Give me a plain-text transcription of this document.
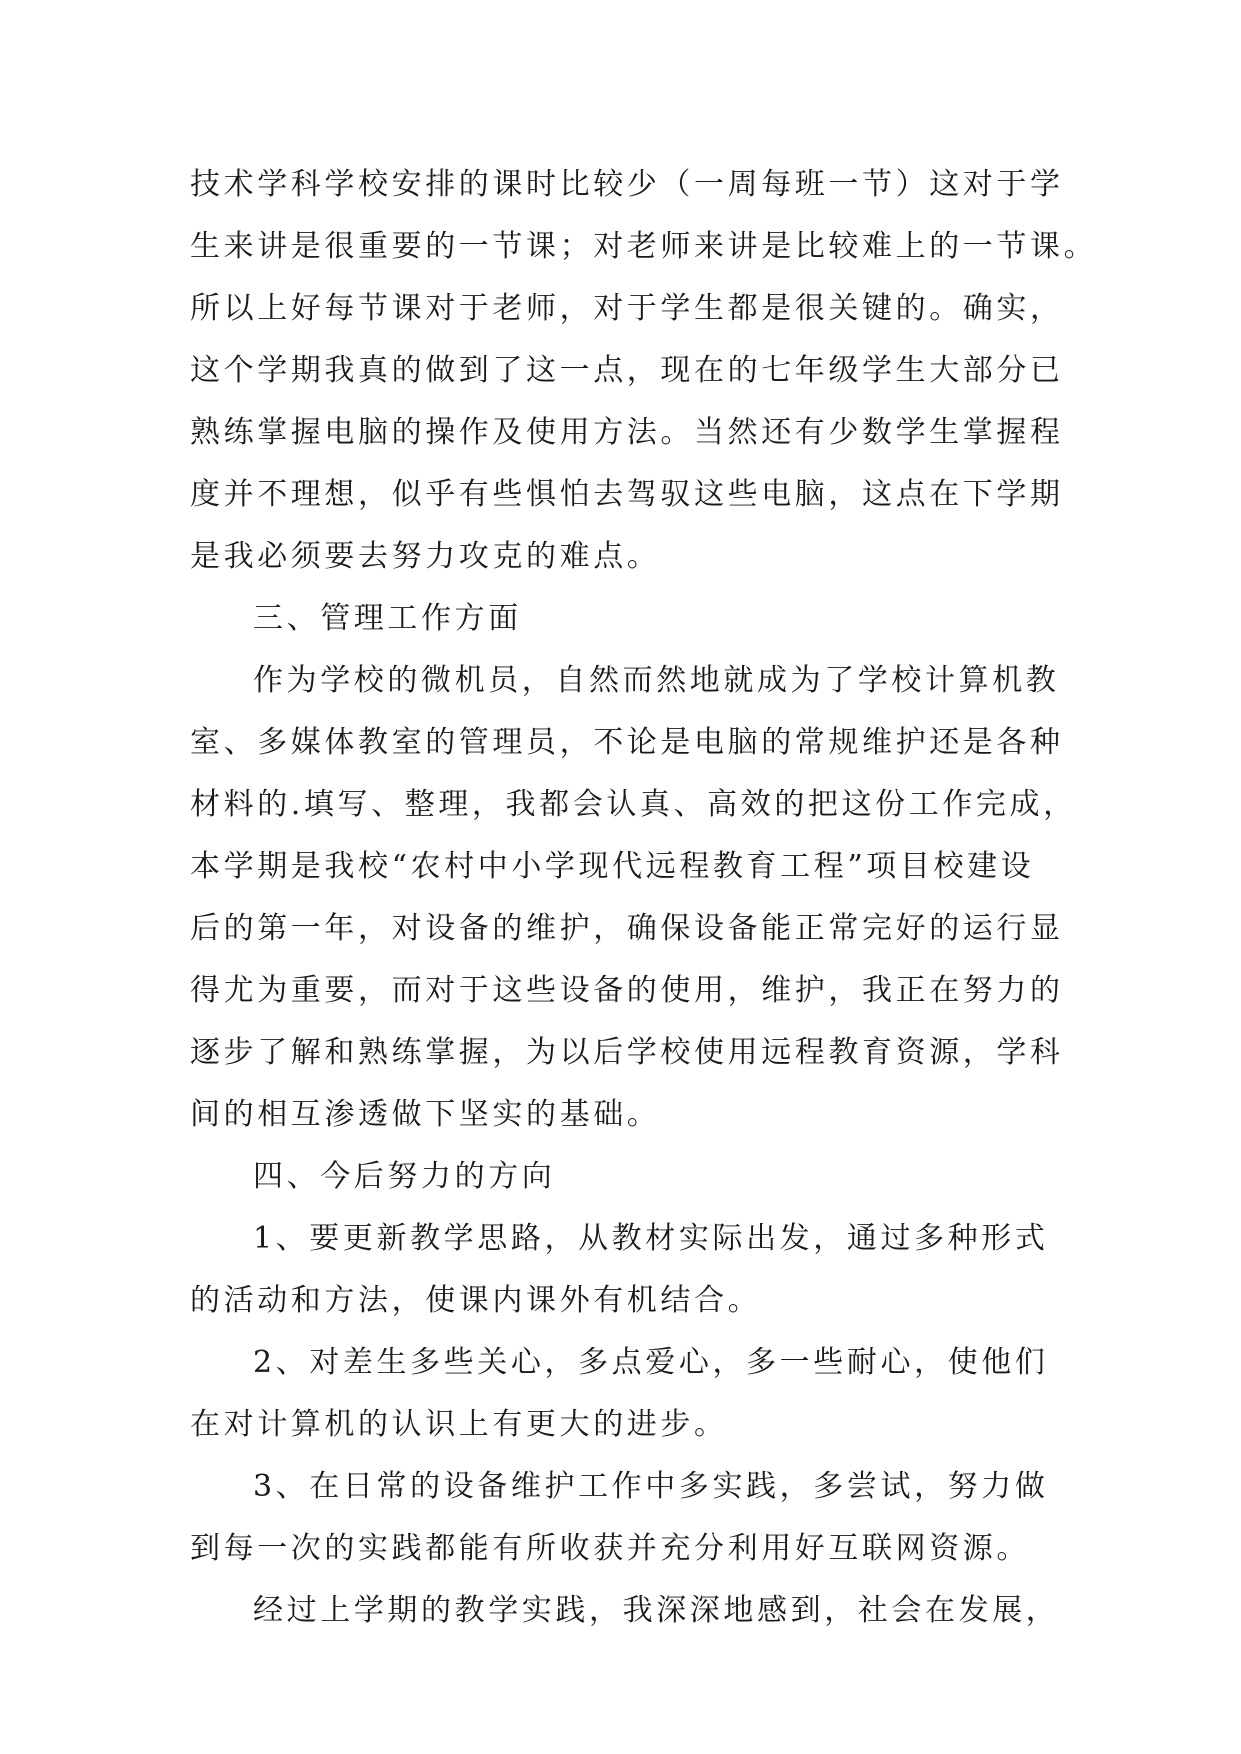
技术学科学校安排的课时比较少（一周每班一节）这对于学
生来讲是很重要的一节课；对老师来讲是比较难上的一节课。
所以上好每节课对于老师，对于学生都是很关键的。确实，
这个学期我真的做到了这一点，现在的七年级学生大部分已
熟练掌握电脑的操作及使用方法。当然还有少数学生掌握程
度并不理想，似乎有些惧怕去驾驭这些电脑，这点在下学期
是我必须要去努力攻克的难点。
三、管理工作方面
作为学校的微机员，自然而然地就成为了学校计算机教
室、多媒体教室的管理员，不论是电脑的常规维护还是各种
材料的.填写、整理，我都会认真、高效的把这份工作完成，
本学期是我校“农村中小学现代远程教育工程”项目校建设
后的第一年，对设备的维护，确保设备能正常完好的运行显
得尤为重要，而对于这些设备的使用，维护，我正在努力的
逐步了解和熟练掌握，为以后学校使用远程教育资源，学科
间的相互渗透做下坚实的基础。
四、今后努力的方向
1、要更新教学思路，从教材实际出发，通过多种形式
的活动和方法，使课内课外有机结合。
2、对差生多些关心，多点爱心，多一些耐心，使他们
在对计算机的认识上有更大的进步。
3、在日常的设备维护工作中多实践，多尝试，努力做
到每一次的实践都能有所收获并充分利用好互联网资源。
经过上学期的教学实践，我深深地感到，社会在发展，
